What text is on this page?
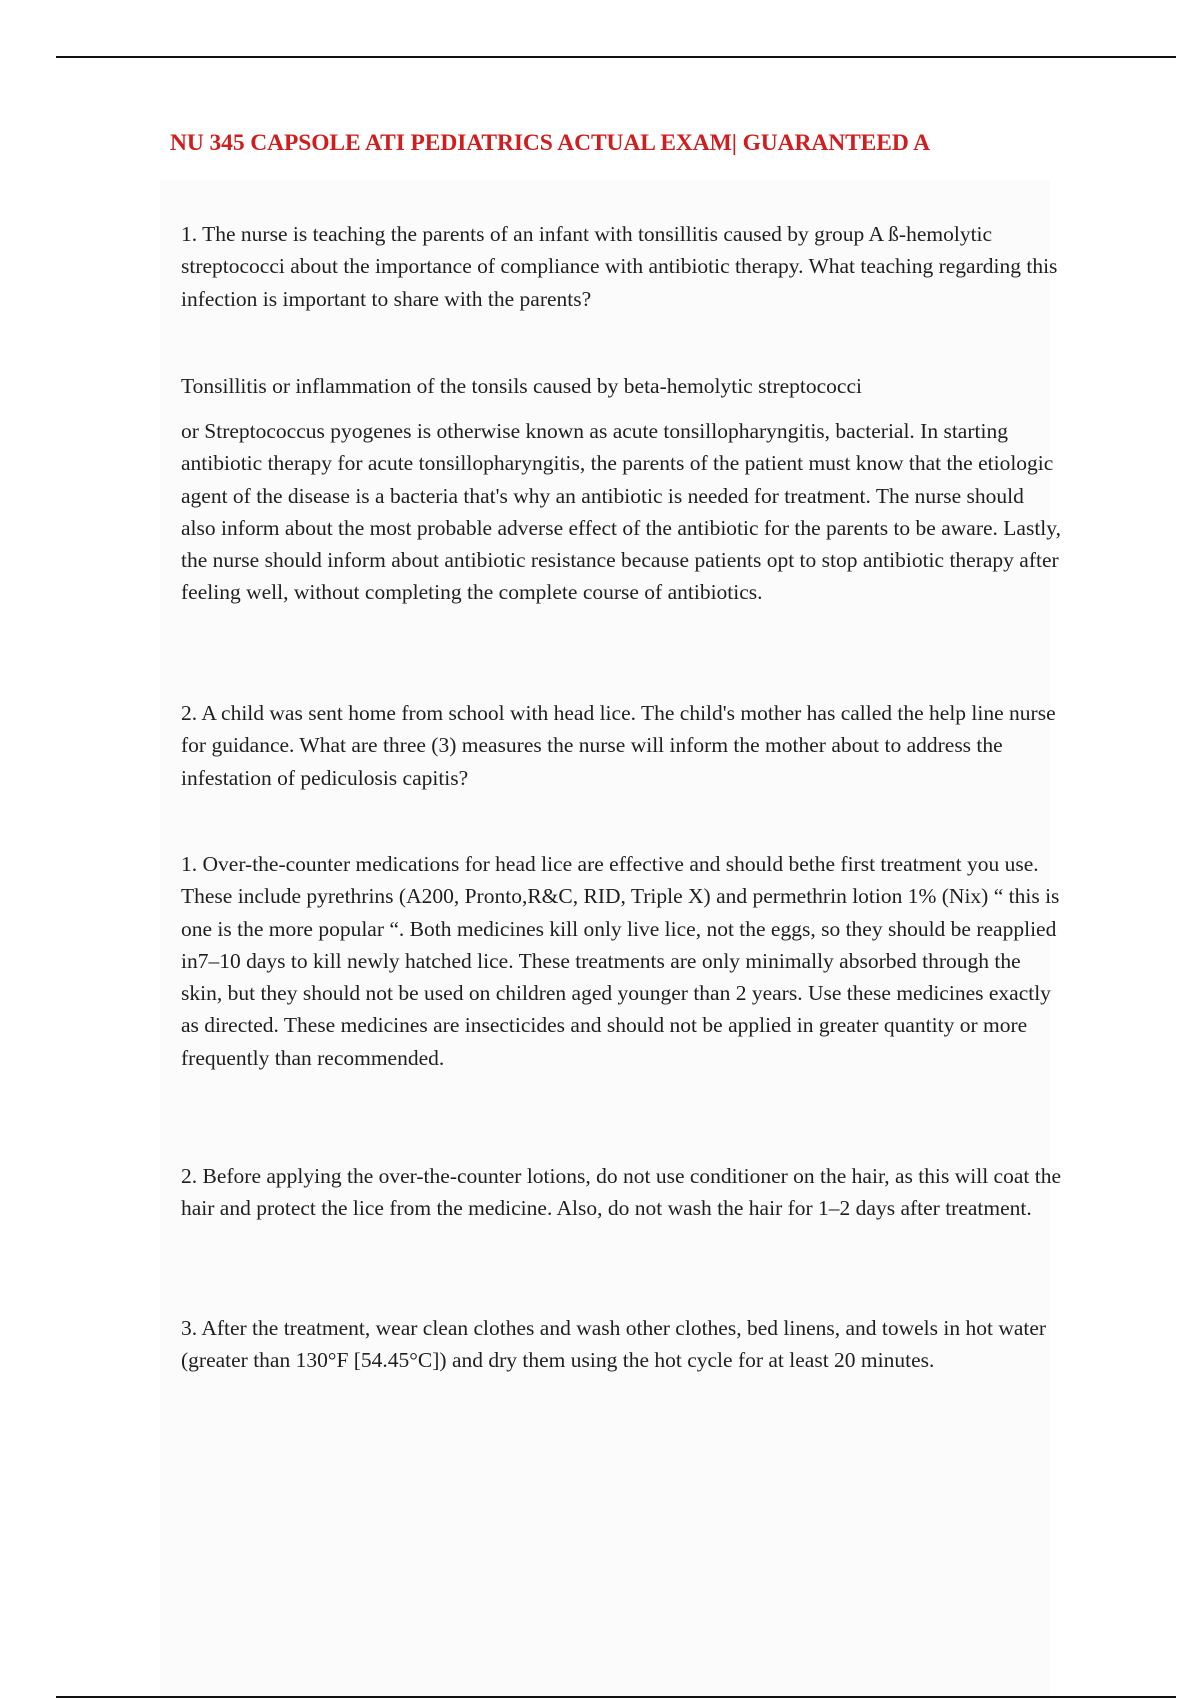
NU 345 CAPSOLE ATI PEDIATRICS ACTUAL EXAM| GUARANTEED A

1. The nurse is teaching the parents of an infant with tonsillitis caused by group A ß-hemolytic streptococci about the importance of compliance with antibiotic therapy. What teaching regarding this infection is important to share with the parents?

Tonsillitis or inflammation of the tonsils caused by beta-hemolytic streptococci

or Streptococcus pyogenes is otherwise known as acute tonsillopharyngitis, bacterial. In starting antibiotic therapy for acute tonsillopharyngitis, the parents of the patient must know that the etiologic agent of the disease is a bacteria that's why an antibiotic is needed for treatment. The nurse should also inform about the most probable adverse effect of the antibiotic for the parents to be aware. Lastly, the nurse should inform about antibiotic resistance because patients opt to stop antibiotic therapy after feeling well, without completing the complete course of antibiotics.

2. A child was sent home from school with head lice. The child's mother has called the help line nurse for guidance. What are three (3) measures the nurse will inform the mother about to address the infestation of pediculosis capitis?

1. Over-the-counter medications for head lice are effective and should bethe first treatment you use. These include pyrethrins (A200, Pronto,R&C, RID, Triple X) and permethrin lotion 1% (Nix) “ this is one is the more popular “. Both medicines kill only live lice, not the eggs, so they should be reapplied in7–10 days to kill newly hatched lice. These treatments are only minimally absorbed through the skin, but they should not be used on children aged younger than 2 years. Use these medicines exactly as directed. These medicines are insecticides and should not be applied in greater quantity or more frequently than recommended.

2. Before applying the over-the-counter lotions, do not use conditioner on the hair, as this will coat the hair and protect the lice from the medicine. Also, do not wash the hair for 1–2 days after treatment.

3. After the treatment, wear clean clothes and wash other clothes, bed linens, and towels in hot water (greater than 130°F [54.45°C]) and dry them using the hot cycle for at least 20 minutes.
